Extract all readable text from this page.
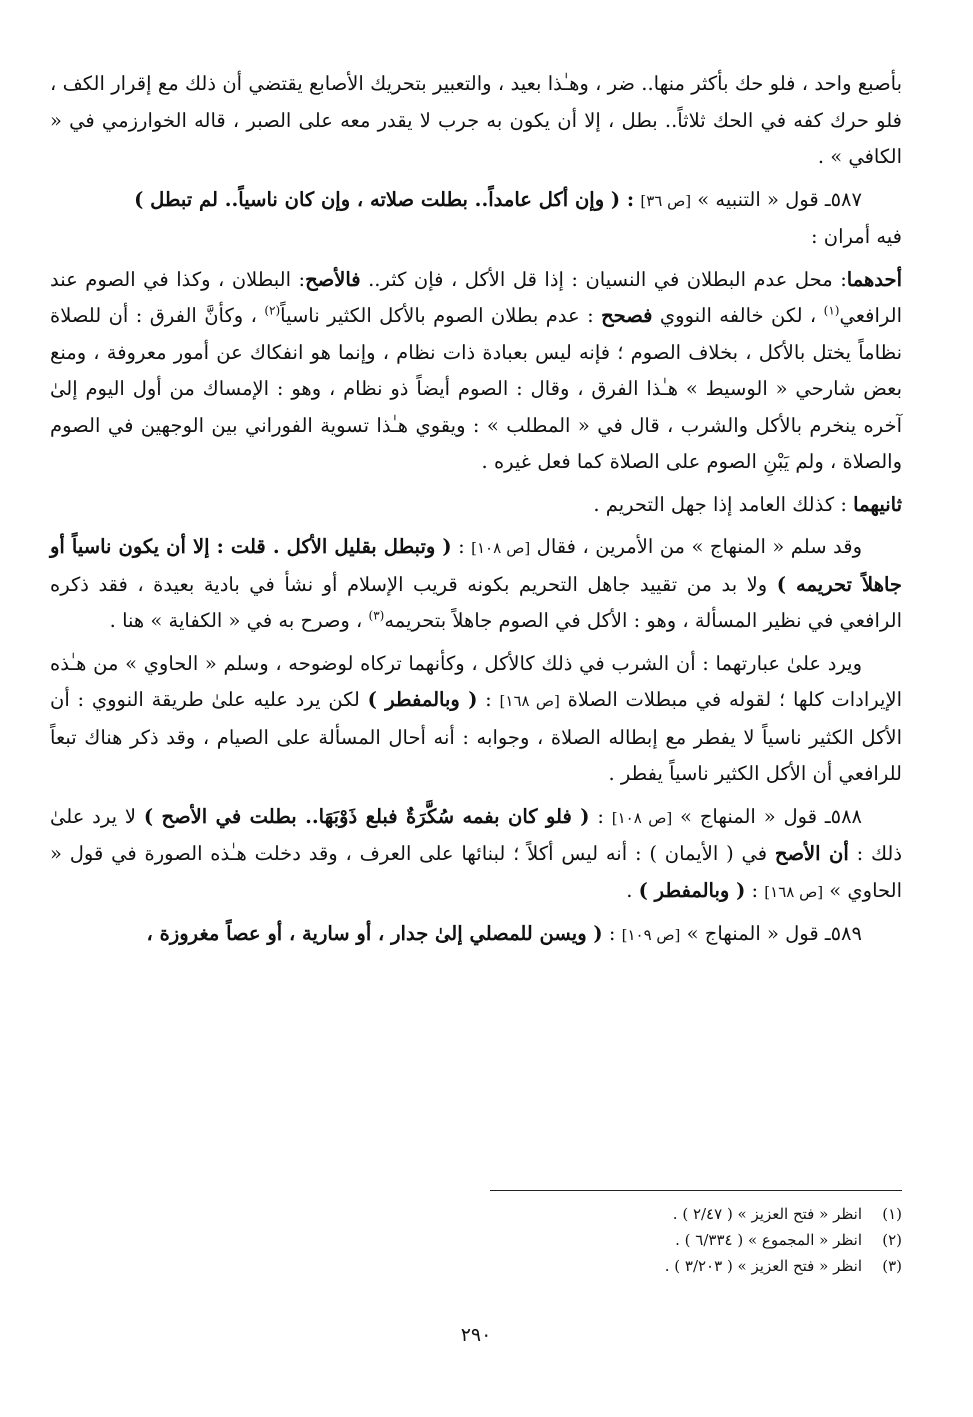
بأصبع واحد ، فلو حك بأكثر منها.. ضر ، وهـٰذا بعيد ، والتعبير بتحريك الأصابع يقتضي أن ذلك مع إقرار الكف ، فلو حرك كفه في الحك ثلاثاً.. بطل ، إلا أن يكون به جرب لا يقدر معه على الصبر ، قاله الخوارزمي في « الكافي » .

٥٨٧ـ قول « التنبيه » [ص ٣٦] : ( وإن أكل عامداً.. بطلت صلاته ، وإن كان ناسياً.. لم تبطل )

فيه أمران :

أحدهما: محل عدم البطلان في النسيان : إذا قل الأكل ، فإن كثر.. فالأصح: البطلان ، وكذا في الصوم عند الرافعي$^{(١)}$ ، لكن خالفه النووي فصحح : عدم بطلان الصوم بالأكل الكثير ناسياً$^{(٢)}$ ، وكأنَّ الفرق : أن للصلاة نظاماً يختل بالأكل ، بخلاف الصوم ؛ فإنه ليس بعبادة ذات نظام ، وإنما هو انفكاك عن أمور معروفة ، ومنع بعض شارحي « الوسيط » هـٰذا الفرق ، وقال : الصوم أيضاً ذو نظام ، وهو : الإمساك من أول اليوم إلىٰ آخره ينخرم بالأكل والشرب ، قال في « المطلب » : ويقوي هـٰذا تسوية الفوراني بين الوجهين في الصوم والصلاة ، ولم يَبْنِ الصوم على الصلاة كما فعل غيره .

ثانيهما : كذلك العامد إذا جهل التحريم .

وقد سلم « المنهاج » من الأمرين ، فقال [ص ١٠٨] : ( وتبطل بقليل الأكل . قلت : إلا أن يكون ناسياً أو جاهلاً تحريمه ) ولا بد من تقييد جاهل التحريم بكونه قريب الإسلام أو نشأ في بادية بعيدة ، فقد ذكره الرافعي في نظير المسألة ، وهو : الأكل في الصوم جاهلاً بتحريمه$^{(٣)}$ ، وصرح به في « الكفاية » هنا .

ويرد علىٰ عبارتهما : أن الشرب في ذلك كالأكل ، وكأنهما تركاه لوضوحه ، وسلم « الحاوي » من هـٰذه الإيرادات كلها ؛ لقوله في مبطلات الصلاة [ص ١٦٨] : ( وبالمفطر ) لكن يرد عليه علىٰ طريقة النووي : أن الأكل الكثير ناسياً لا يفطر مع إبطاله الصلاة ، وجوابه : أنه أحال المسألة على الصيام ، وقد ذكر هناك تبعاً للرافعي أن الأكل الكثير ناسياً يفطر .

٥٨٨ـ قول « المنهاج » [ص ١٠٨] : ( فلو كان بفمه سُكَّرَةٌ فبلع ذَوْبَهَا.. بطلت في الأصح ) لا يرد علىٰ ذلك : أن الأصح في ( الأيمان ) : أنه ليس أكلاً ؛ لبنائها على العرف ، وقد دخلت هـٰذه الصورة في قول « الحاوي » [ص ١٦٨] : ( وبالمفطر ) .

٥٨٩ـ قول « المنهاج » [ص ١٠٩] : ( ويسن للمصلي إلىٰ جدار ، أو سارية ، أو عصاً مغروزة ،

(١)انظر « فتح العزيز » ( ٢/٤٧ ) .

(٢)انظر « المجموع » ( ٦/٣٣٤ ) .

(٣)انظر « فتح العزيز » ( ٣/٢٠٣ ) .

٢٩٠
